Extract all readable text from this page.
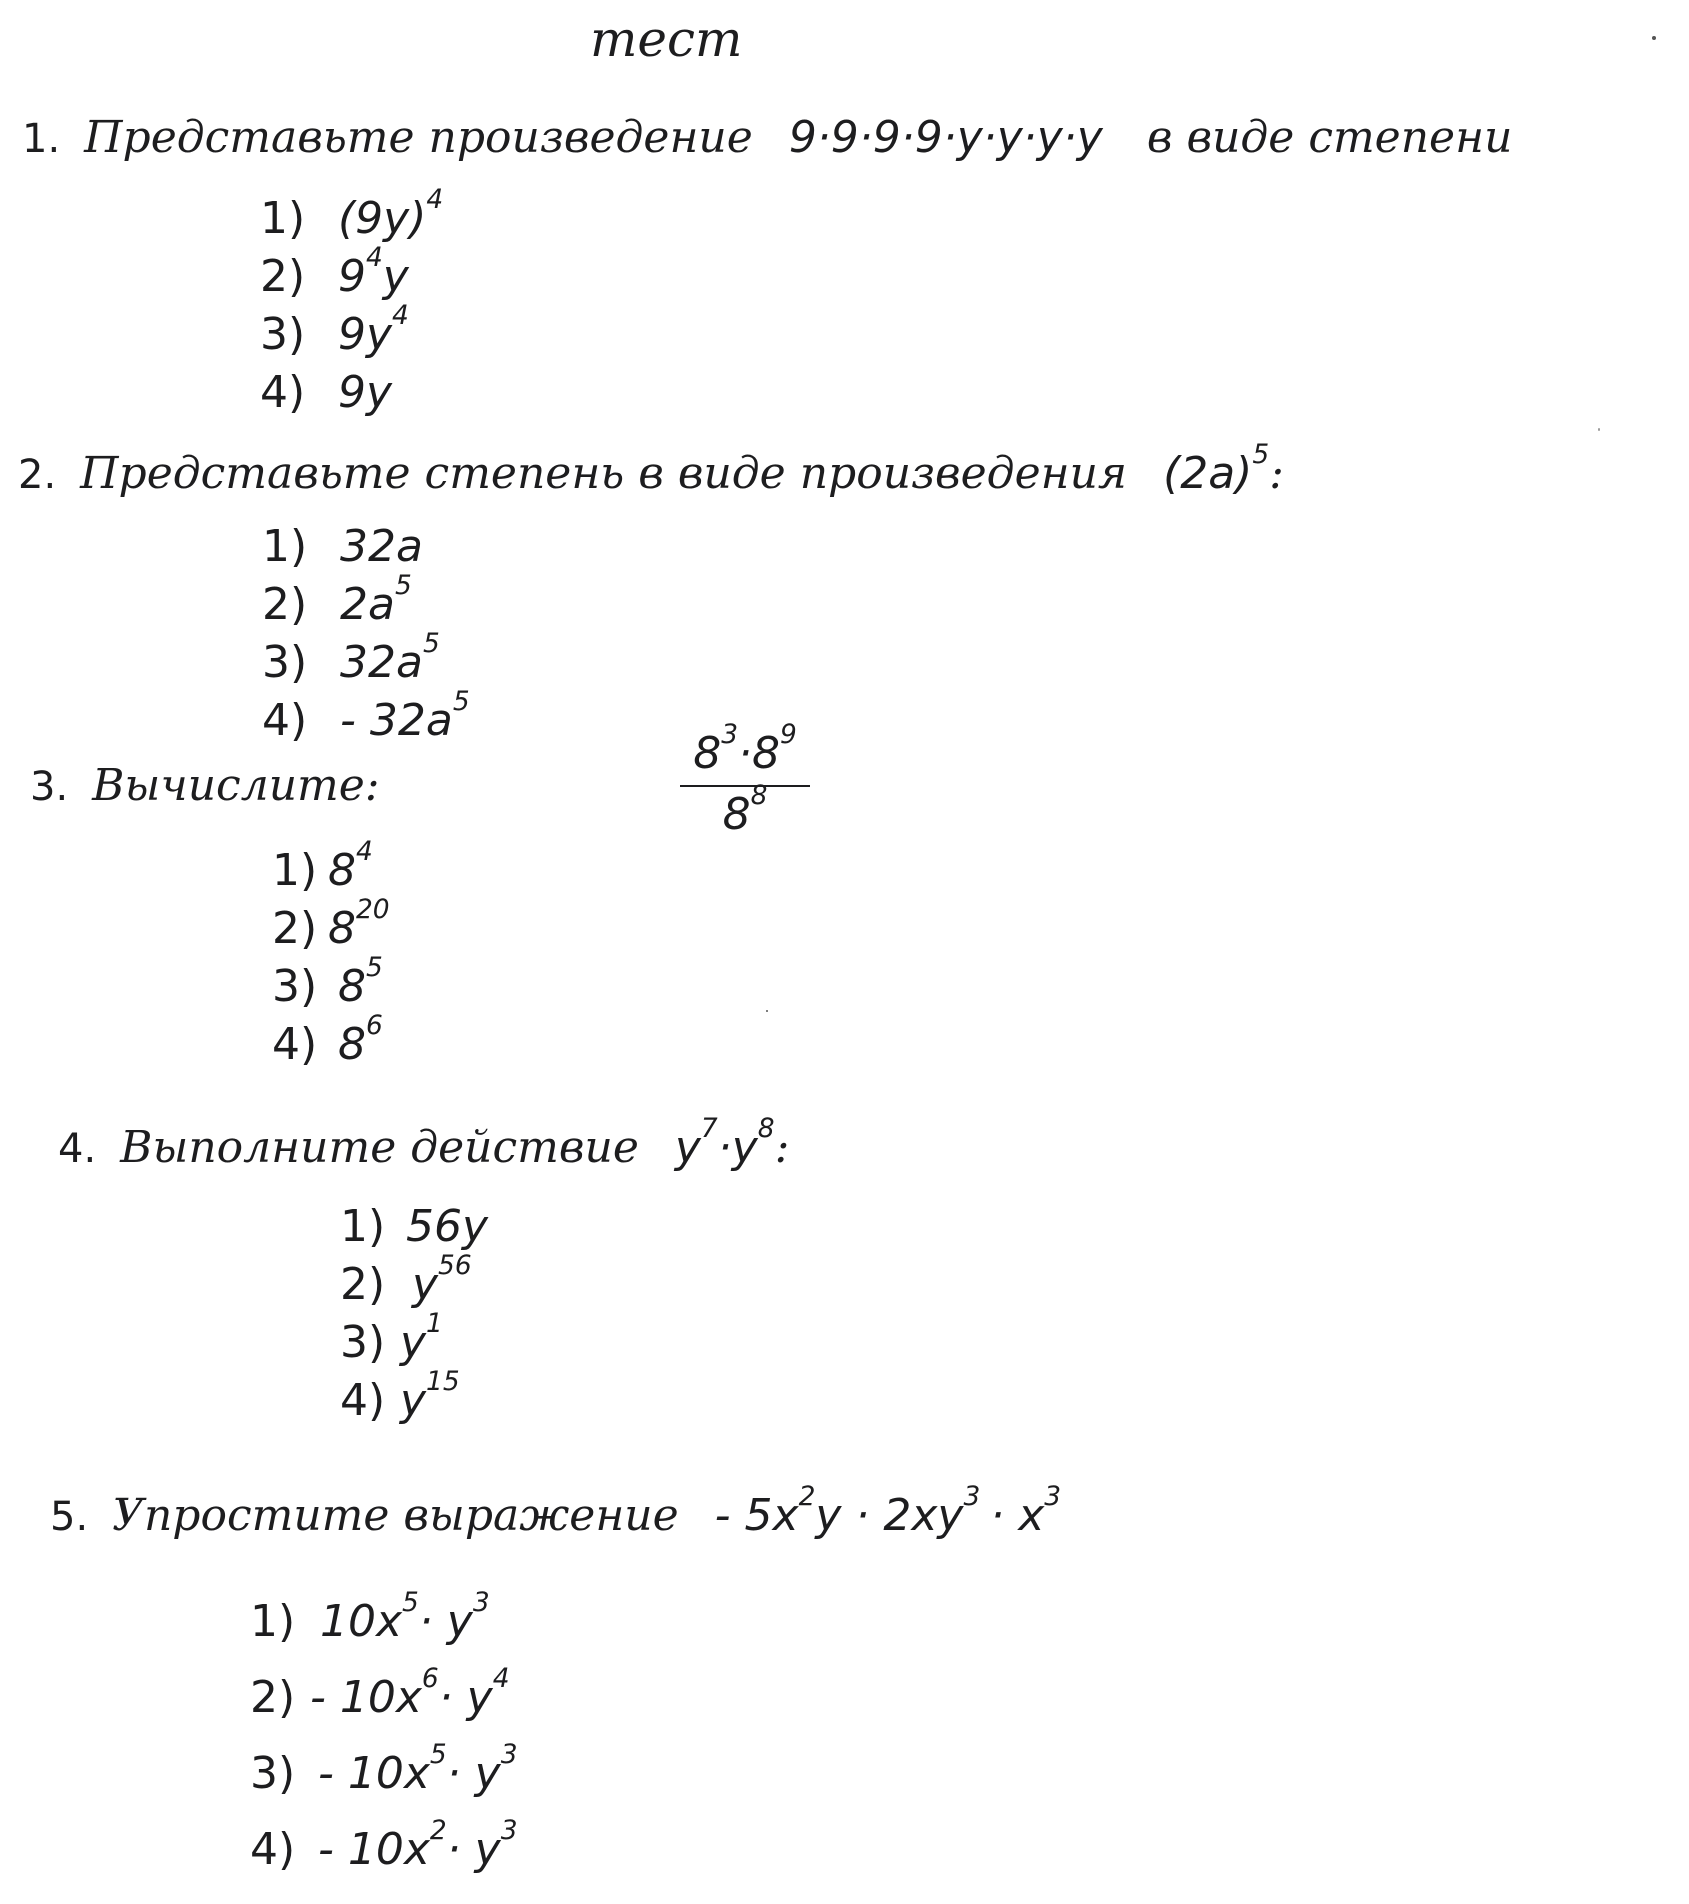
тест
1. Представьте произведение 9·9·9·9·y·y·y·y в виде степени
1) $(9y)^4$
2) $9^4y$
3) $9y^4$
4) 9y
2. Представьте степень в виде произведения $(2a)^5$:
1) 32a
2) $2a^5$
3) $32a^5$
$4) - 32a^5$
3. Вычислите:
$8^3\cdot 8^9$
$8^8$
1) $8^4$
2) $8^{20}$
3) $8^5$
4) $8^6$
4. Выполните действие $y^7\cdot y^8$:
1) 56y
2) $y^{56}$
3) $y^1$
4) $y^{15}$
5. Упростите выражение - $5x^2y \cdot 2xy^3 \cdot x^3$
1) $10x^5\cdot y^3$
$2) - 10x^6\cdot y^4$
$3) - 10x^5\cdot y^3$
$4) - 10x^2\cdot y^3$
